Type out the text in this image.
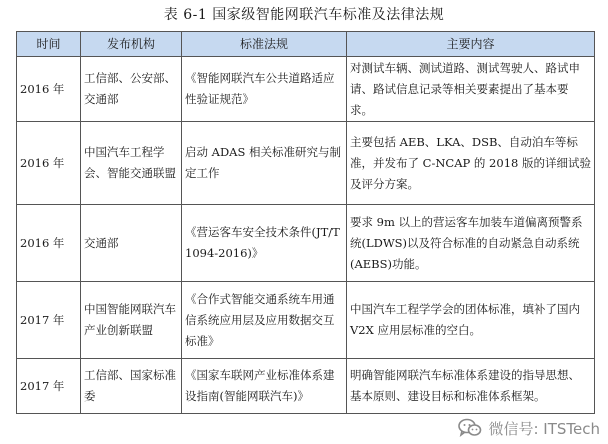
表 6-1 国家级智能网联汽车标准及法律法规
时间	发布机构	标准法规	主要内容
2016 年	工信部、公安部、交通部	《智能网联汽车公共道路适应性验证规范》	对测试车辆、测试道路、测试驾驶人、路试申请、路试信息记录等相关要素提出了基本要求。
2016 年	中国汽车工程学会、智能交通联盟	启动 ADAS 相关标准研究与制定工作	主要包括 AEB、LKA、DSB、自动泊车等标准，并发布了 C-NCAP 的 2018 版的详细试验及评分方案。
2016 年	交通部	《营运客车安全技术条件(JT/T1094-2016)》	要求 9m 以上的营运客车加装车道偏离预警系统(LDWS)以及符合标准的自动紧急自动系统(AEBS)功能。
2017 年	中国智能网联汽车产业创新联盟	《合作式智能交通系统车用通信系统应用层及应用数据交互标准》	中国汽车工程学学会的团体标准，填补了国内 V2X 应用层标准的空白。
2017 年	工信部、国家标准委	《国家车联网产业标准体系建设指南(智能网联汽车)》	明确智能网联汽车标准体系建设的指导思想、基本原则、建设目标和标准体系框架。
微信号: ITSTech
